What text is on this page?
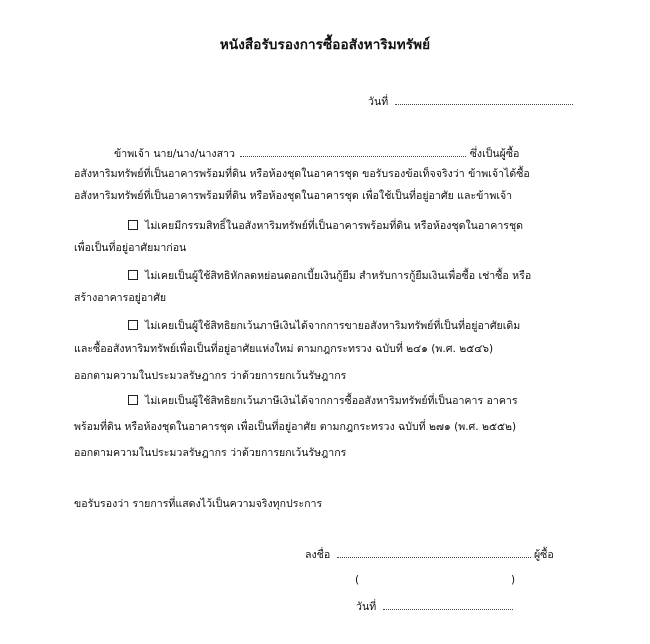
หนังสือรับรองการซื้ออสังหาริมทรัพย์
วันที่
ข้าพเจ้า นาย/นาง/นางสาว	ซึ่งเป็นผู้ซื้อ
อสังหาริมทรัพย์ที่เป็นอาคารพร้อมที่ดิน หรือห้องชุดในอาคารชุด ขอรับรองข้อเท็จจริงว่า ข้าพเจ้าได้ซื้อ
อสังหาริมทรัพย์ที่เป็นอาคารพร้อมที่ดิน หรือห้องชุดในอาคารชุด เพื่อใช้เป็นที่อยู่อาศัย และข้าพเจ้า
ไม่เคยมีกรรมสิทธิ์ในอสังหาริมทรัพย์ที่เป็นอาคารพร้อมที่ดิน หรือห้องชุดในอาคารชุด
เพื่อเป็นที่อยู่อาศัยมาก่อน
ไม่เคยเป็นผู้ใช้สิทธิหักลดหย่อนดอกเบี้ยเงินกู้ยืม สำหรับการกู้ยืมเงินเพื่อซื้อ เช่าซื้อ หรือ
สร้างอาคารอยู่อาศัย
ไม่เคยเป็นผู้ใช้สิทธิยกเว้นภาษีเงินได้จากการขายอสังหาริมทรัพย์ที่เป็นที่อยู่อาศัยเดิม
และซื้ออสังหาริมทรัพย์เพื่อเป็นที่อยู่อาศัยแห่งใหม่ ตามกฎกระทรวง ฉบับที่ ๒๔๑ (พ.ศ. ๒๕๔๖)
ออกตามความในประมวลรัษฎากร ว่าด้วยการยกเว้นรัษฎากร
ไม่เคยเป็นผู้ใช้สิทธิยกเว้นภาษีเงินได้จากการซื้ออสังหาริมทรัพย์ที่เป็นอาคาร อาคาร
พร้อมที่ดิน หรือห้องชุดในอาคารชุด เพื่อเป็นที่อยู่อาศัย ตามกฎกระทรวง ฉบับที่ ๒๗๑ (พ.ศ. ๒๕๕๒)
ออกตามความในประมวลรัษฎากร ว่าด้วยการยกเว้นรัษฎากร
ขอรับรองว่า รายการที่แสดงไว้เป็นความจริงทุกประการ
ลงชื่อ	ผู้ซื้อ
(	)
วันที่
